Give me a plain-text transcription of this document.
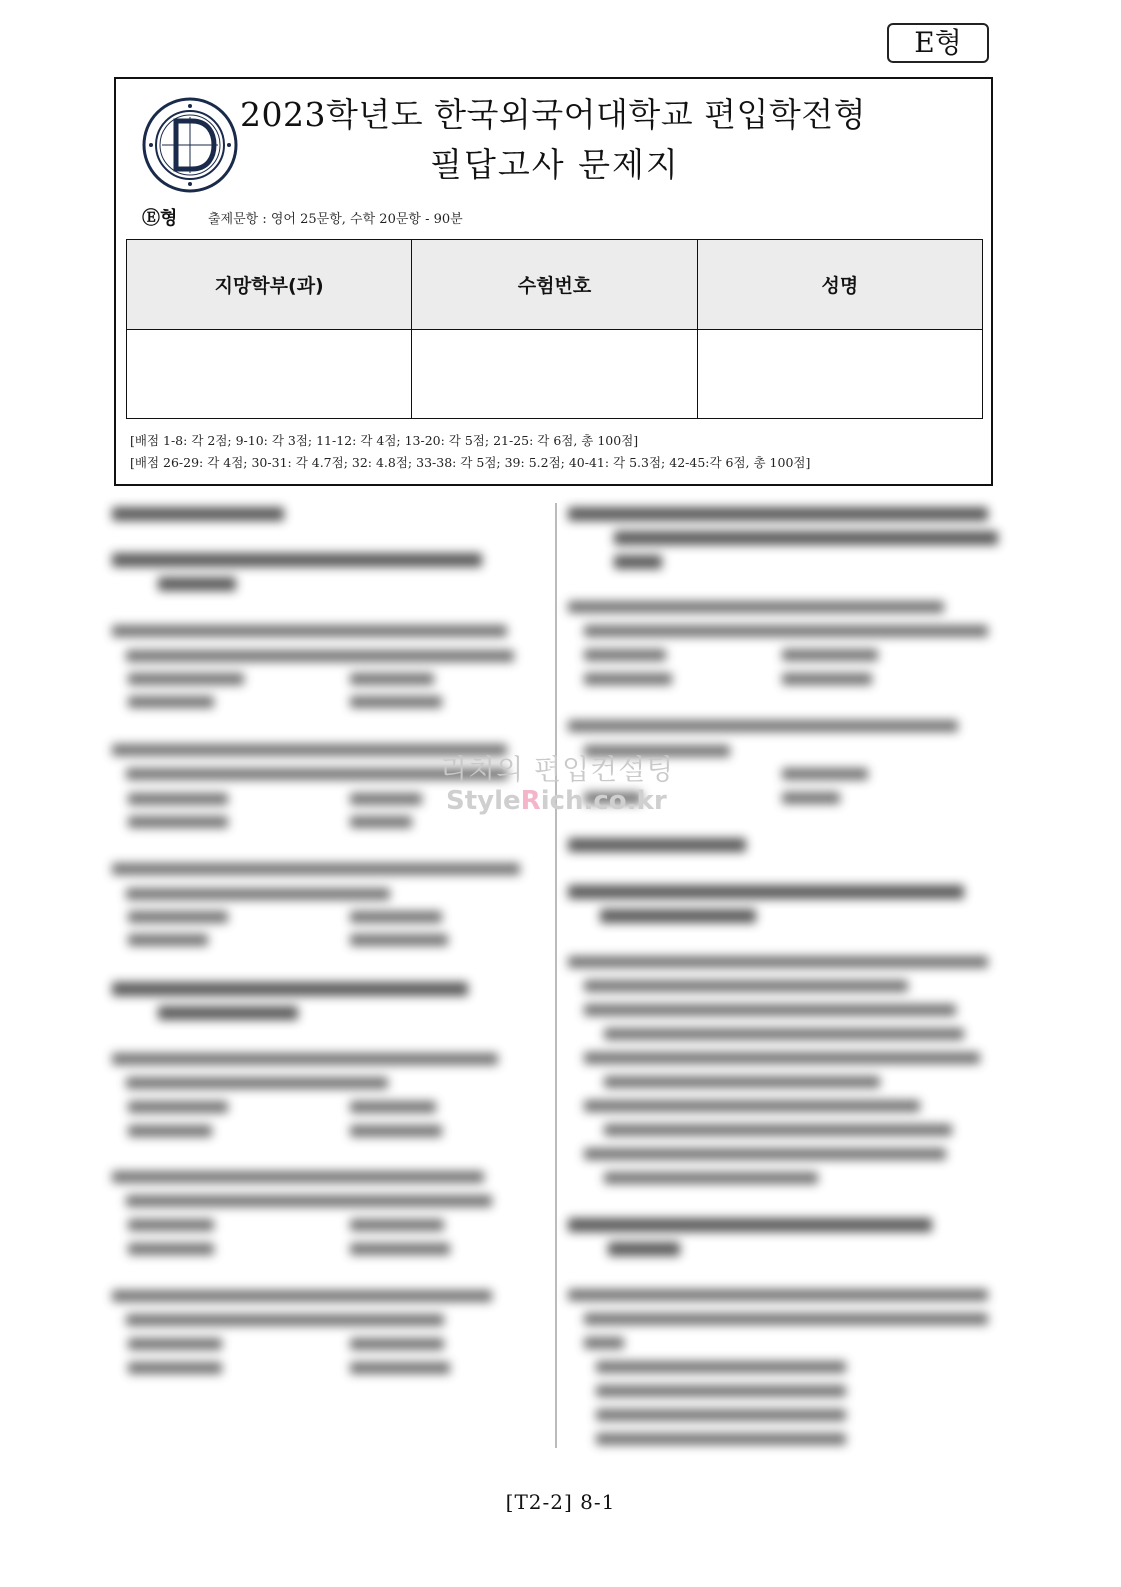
E형
2023학년도 한국외국어대학교 편입학전형
필답고사 문제지
Ⓔ형 출제문항 : 영어 25문항, 수학 20문항 - 90분
지망학부(과)	수험번호	성명

[배점 1-8: 각 2점; 9-10: 각 3점; 11-12: 각 4점; 13-20: 각 5점; 21-25: 각 6점, 총 100점]
[배점 26-29: 각 4점; 30-31: 각 4.7점; 32: 4.8점; 33-38: 각 5점; 39: 5.2점; 40-41: 각 5.3점; 42-45:각 6점, 총 100점]
리치의 편입컨설팅
StyleRich.co.kr
[T2-2] 8-1
